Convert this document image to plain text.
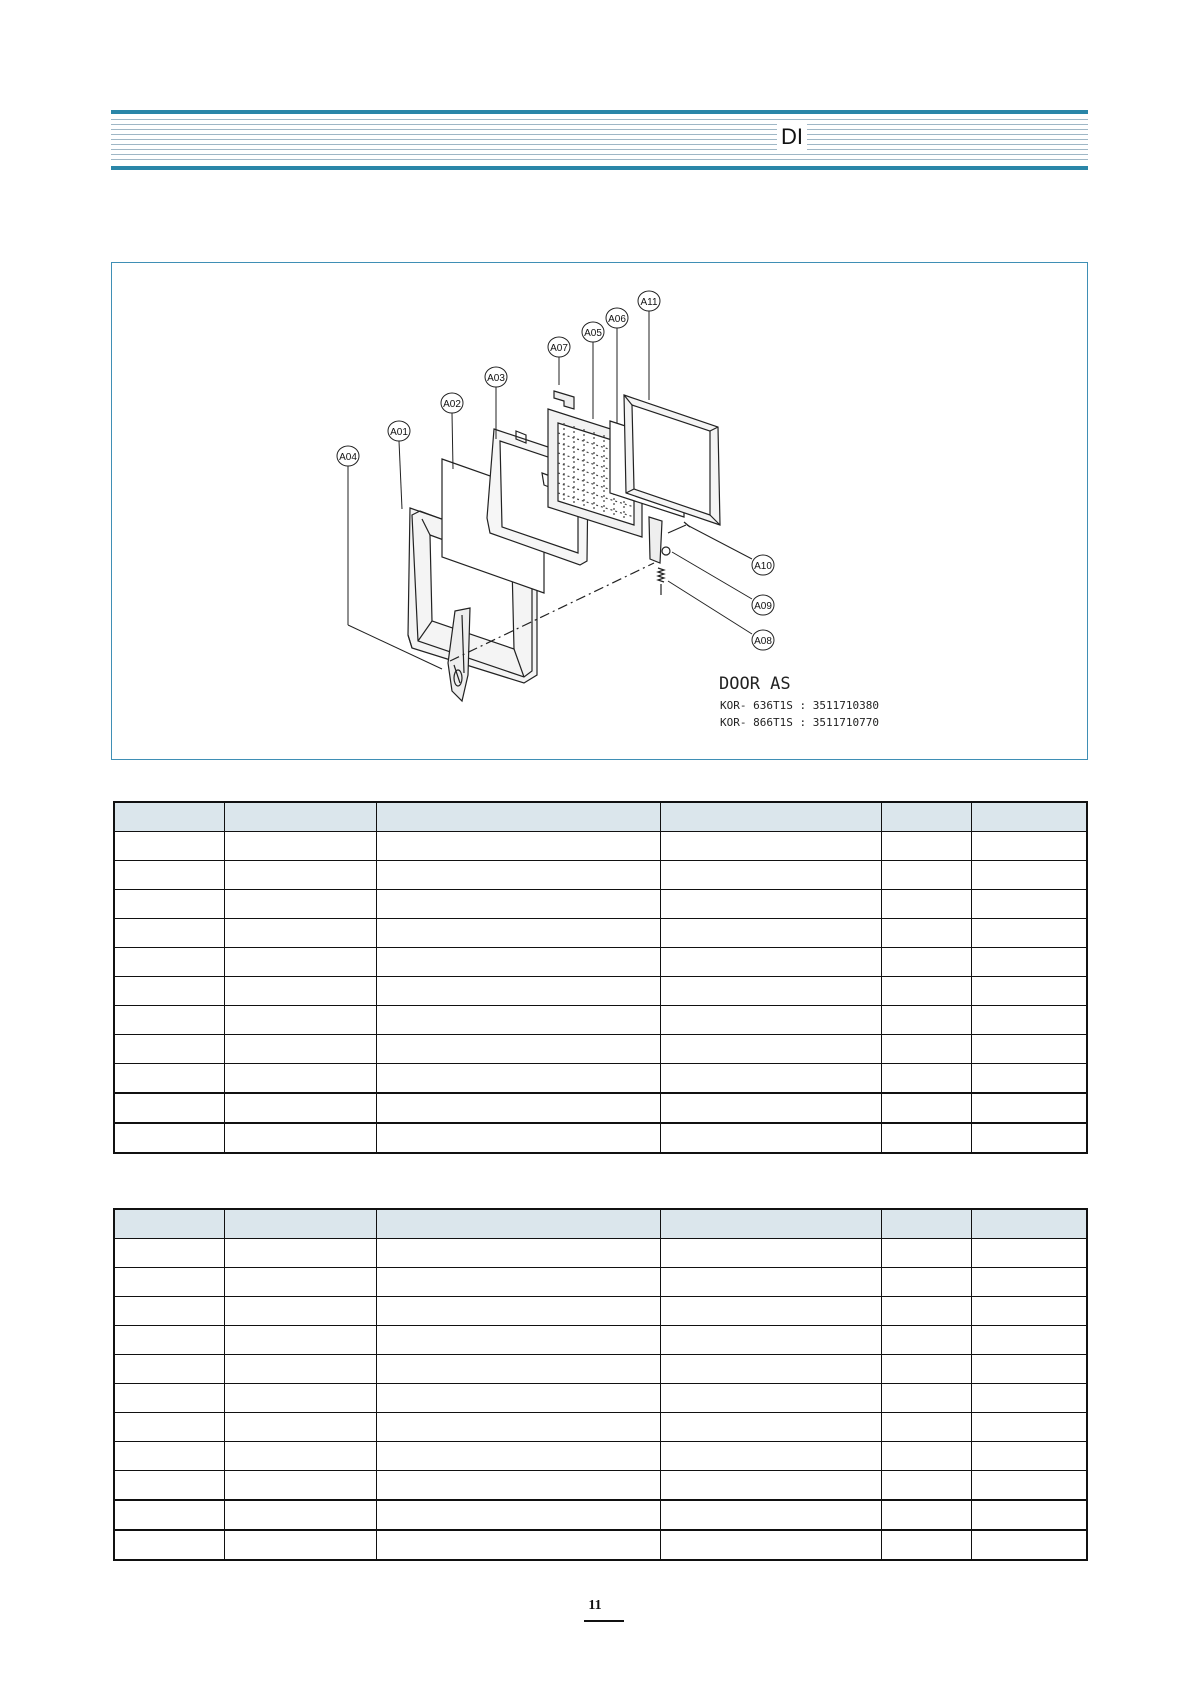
DI
A04
A01
A02
A03
A07
A05
A06
A11
A10
A09
A08
DOOR AS
KOR- 636T1S : 3511710380
KOR- 866T1S : 3511710770

11
